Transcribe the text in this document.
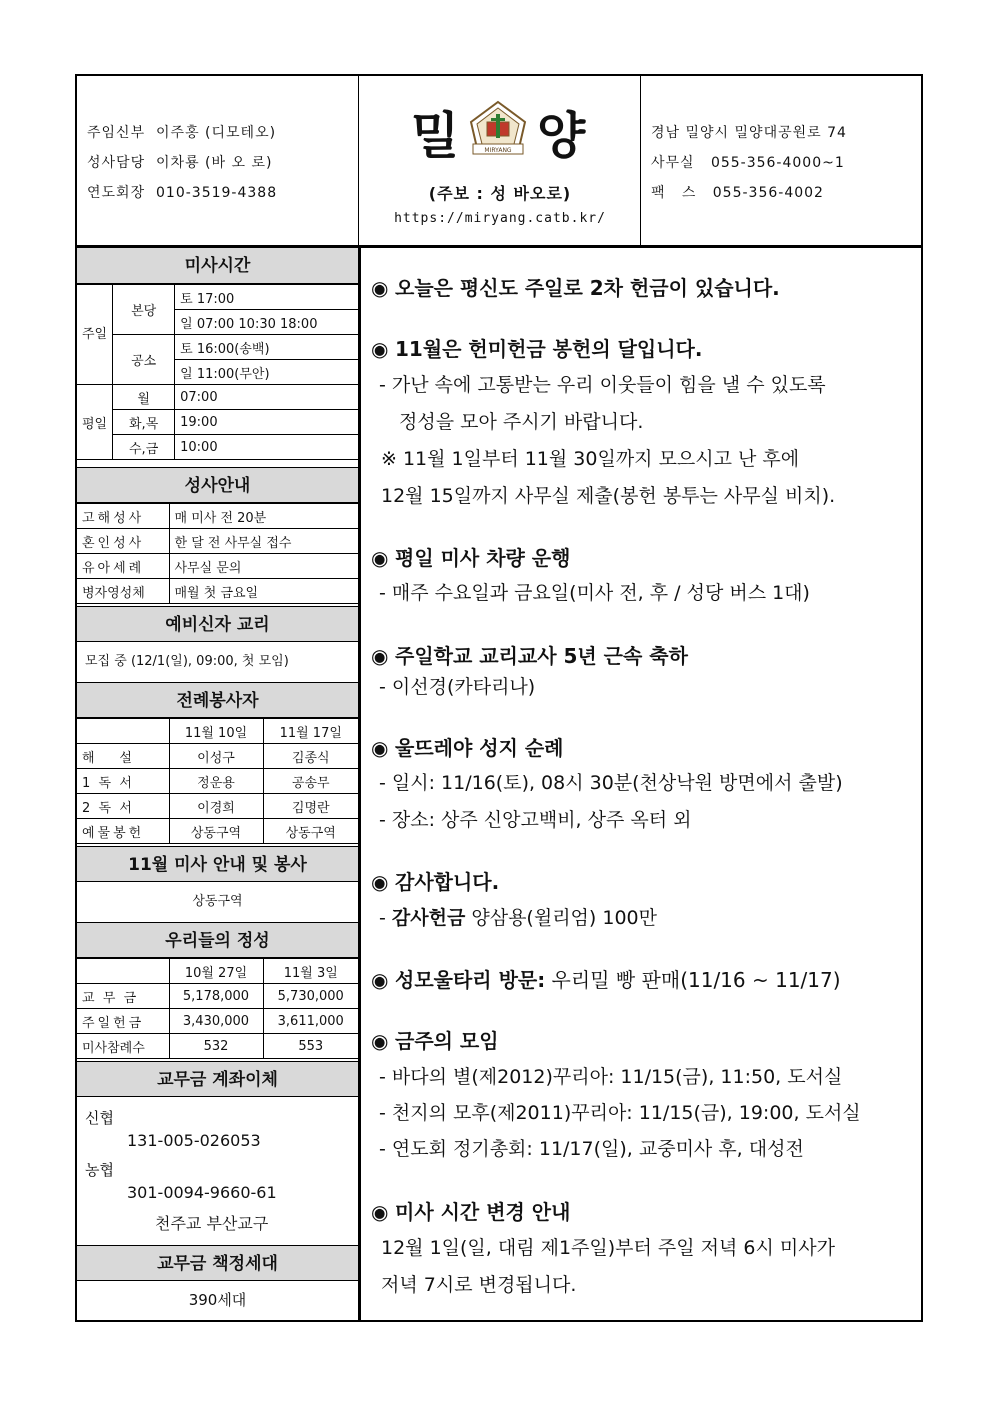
주임신부 이주홍 (디모테오)
성사담당 이차룡 (바 오 로)
연도회장 010-3519-4388
밀	MIRYANG 양
(주보 : 성 바오로)
https://miryang.catb.kr/
경남 밀양시 밀양대공원로 74
사무실 055-356-4000~1
팩   스 055-356-4002
미사시간
주일	본당	토 17:00
		일 07:00 10:30 18:00
	공소	토 16:00(송백)
		일 11:00(무안)
평일	월	07:00
	화,목	19:00
	수,금	10:00
성사안내
고해성사	매 미사 전 20분
혼인성사	한 달 전 사무실 접수
유아세례	사무실 문의
병자영성체	매월 첫 금요일
예비신자 교리
모집 중 (12/1(일), 09:00, 첫 모임)
전례봉사자
	11월 10일	11월 17일
해      설	이성구	김종식
1  독  서	정운용	공송무
2  독  서	이경희	김명란
예물봉헌	상동구역	상동구역
11월 미사 안내 및 봉사
상동구역
우리들의 정성
	10월 27일	11월 3일
교  무  금	5,178,000	5,730,000
주일헌금	3,430,000	3,611,000
미사참례수	532	553
교무금 계좌이체
신협
131-005-026053
농협
301-0094-9660-61
천주교 부산교구
교무금 책정세대
390세대
◉ 오늘은 평신도 주일로 2차 헌금이 있습니다.
◉ 11월은 헌미헌금 봉헌의 달입니다.
- 가난 속에 고통받는 우리 이웃들이 힘을 낼 수 있도록
정성을 모아 주시기 바랍니다.
※ 11월 1일부터 11월 30일까지 모으시고 난 후에
12월 15일까지 사무실 제출(봉헌 봉투는 사무실 비치).
◉ 평일 미사 차량 운행
- 매주 수요일과 금요일(미사 전, 후 / 성당 버스 1대)
◉ 주일학교 교리교사 5년 근속 축하
- 이선경(카타리나)
◉ 울뜨레야 성지 순례
- 일시: 11/16(토), 08시 30분(천상낙원 방면에서 출발)
- 장소: 상주 신앙고백비, 상주 옥터 외
◉ 감사합니다.
- 감사헌금 양삼용(윌리엄) 100만
◉ 성모울타리 방문: 우리밀 빵 판매(11/16 ~ 11/17)
◉ 금주의 모임
- 바다의 별(제2012)꾸리아: 11/15(금), 11:50, 도서실
- 천지의 모후(제2011)꾸리아: 11/15(금), 19:00, 도서실
- 연도회 정기총회: 11/17(일), 교중미사 후, 대성전
◉ 미사 시간 변경 안내
12월 1일(일, 대림 제1주일)부터 주일 저녁 6시 미사가
저녁 7시로 변경됩니다.
